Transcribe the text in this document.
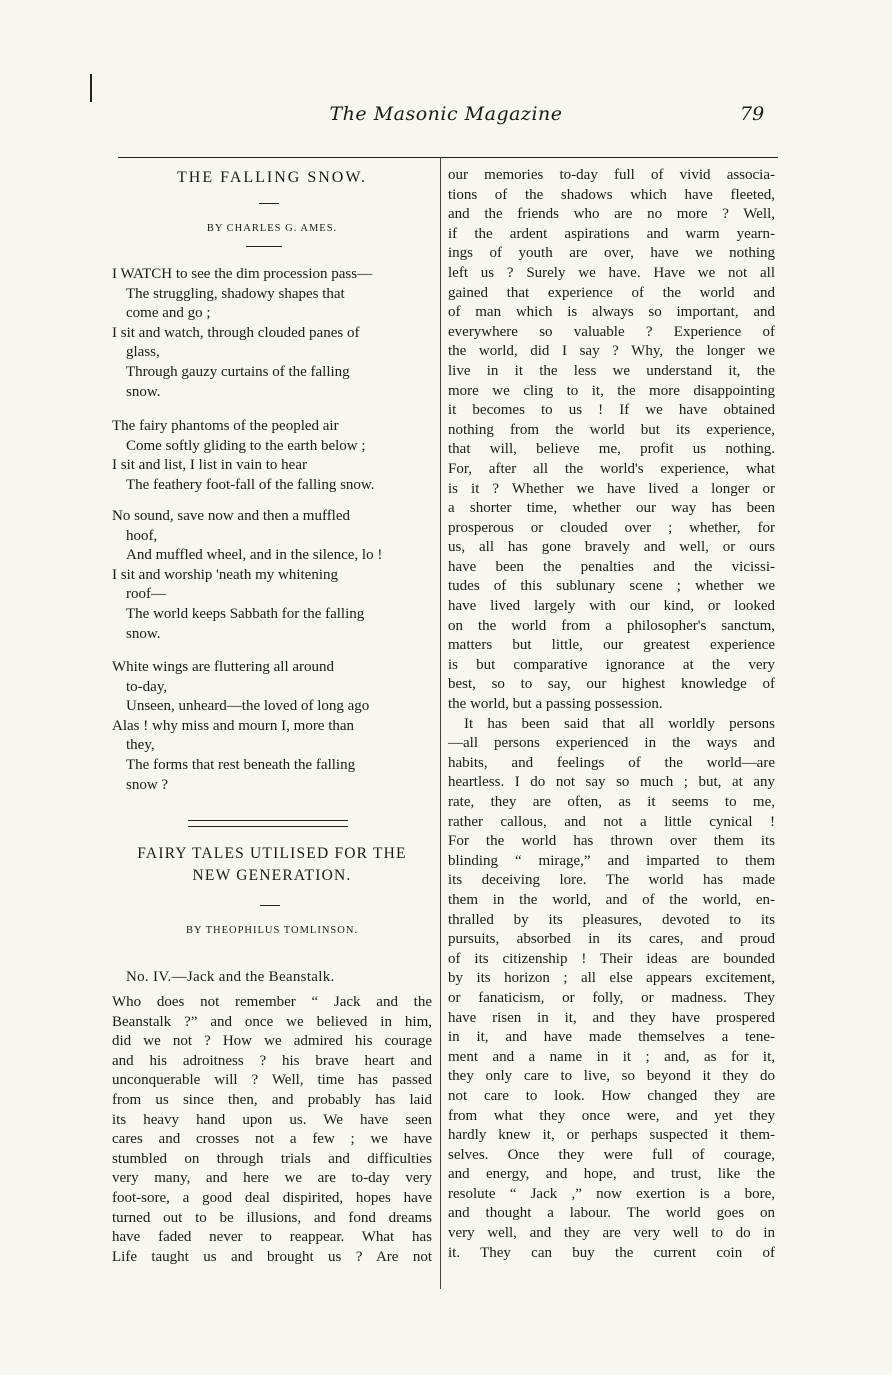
The Masonic Magazine	79
THE FALLING SNOW.
BY CHARLES G. AMES.
I WATCH to see the dim procession pass—
The struggling, shadowy shapes that
come and go ;
I sit and watch, through clouded panes of
glass,
Through gauzy curtains of the falling
snow.
The fairy phantoms of the peopled air
Come softly gliding to the earth below ;
I sit and list, I list in vain to hear
The feathery foot-fall of the falling snow.
No sound, save now and then a muffled
hoof,
And muffled wheel, and in the silence, lo !
I sit and worship 'neath my whitening
roof—
The world keeps Sabbath for the falling
snow.
White wings are fluttering all around
to-day,
Unseen, unheard—the loved of long ago
Alas ! why miss and mourn I, more than
they,
The forms that rest beneath the falling
snow ?
FAIRY TALES UTILISED FOR THE
NEW GENERATION.
BY THEOPHILUS TOMLINSON.
No. IV.—Jack and the Beanstalk.
Who does not remember “ Jack and the
Beanstalk ?” and once we believed in him,
did we not ? How we admired his courage
and his adroitness ? his brave heart and
unconquerable will ? Well, time has passed
from us since then, and probably has laid
its heavy hand upon us. We have seen
cares and crosses not a few ; we have
stumbled on through trials and difficulties
very many, and here we are to-day very
foot-sore, a good deal dispirited, hopes have
turned out to be illusions, and fond dreams
have faded never to reappear. What has
Life taught us and brought us ? Are not
our memories to-day full of vivid associa-
tions of the shadows which have fleeted,
and the friends who are no more ? Well,
if the ardent aspirations and warm yearn-
ings of youth are over, have we nothing
left us ? Surely we have. Have we not all
gained that experience of the world and
of man which is always so important, and
everywhere so valuable ? Experience of
the world, did I say ? Why, the longer we
live in it the less we understand it, the
more we cling to it, the more disappointing
it becomes to us ! If we have obtained
nothing from the world but its experience,
that will, believe me, profit us nothing.
For, after all the world's experience, what
is it ? Whether we have lived a longer or
a shorter time, whether our way has been
prosperous or clouded over ; whether, for
us, all has gone bravely and well, or ours
have been the penalties and the vicissi-
tudes of this sublunary scene ; whether we
have lived largely with our kind, or looked
on the world from a philosopher's sanctum,
matters but little, our greatest experience
is but comparative ignorance at the very
best, so to say, our highest knowledge of
the world, but a passing possession.
It has been said that all worldly persons
—all persons experienced in the ways and
habits, and feelings of the world—are
heartless. I do not say so much ; but, at any
rate, they are often, as it seems to me,
rather callous, and not a little cynical !
For the world has thrown over them its
blinding “ mirage,” and imparted to them
its deceiving lore. The world has made
them in the world, and of the world, en-
thralled by its pleasures, devoted to its
pursuits, absorbed in its cares, and proud
of its citizenship ! Their ideas are bounded
by its horizon ; all else appears excitement,
or fanaticism, or folly, or madness. They
have risen in it, and they have prospered
in it, and have made themselves a tene-
ment and a name in it ; and, as for it,
they only care to live, so beyond it they do
not care to look. How changed they are
from what they once were, and yet they
hardly knew it, or perhaps suspected it them-
selves. Once they were full of courage,
and energy, and hope, and trust, like the
resolute “ Jack ,” now exertion is a bore,
and thought a labour. The world goes on
very well, and they are very well to do in
it. They can buy the current coin of
